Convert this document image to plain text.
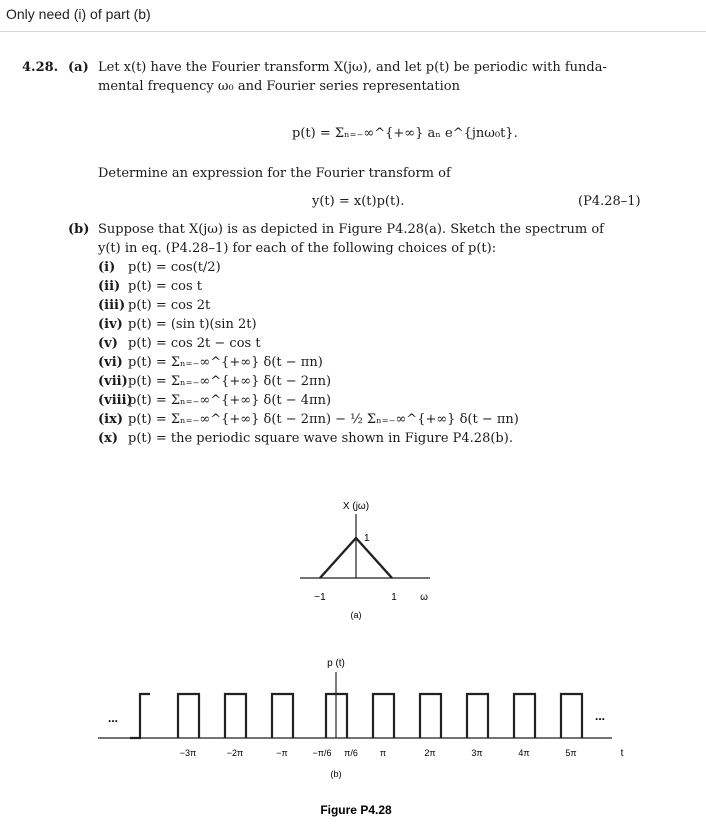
Only need (i) of part (b)
4.28. (a) Let x(t) have the Fourier transform X(jω), and let p(t) be periodic with funda-
mental frequency ω₀ and Fourier series representation
p(t) = Σₙ₌₋∞^{+∞} aₙ e^{jnω₀t}.
Determine an expression for the Fourier transform of
y(t) = x(t)p(t).	(P4.28–1)
(b) Suppose that X(jω) is as depicted in Figure P4.28(a). Sketch the spectrum of
y(t) in eq. (P4.28–1) for each of the following choices of p(t):
(i) p(t) = cos(t/2)
(ii) p(t) = cos t
(iii) p(t) = cos 2t
(iv) p(t) = (sin t)(sin 2t)
(v) p(t) = cos 2t − cos t
(vi) p(t) = Σₙ₌₋∞^{+∞} δ(t − πn)
(vii) p(t) = Σₙ₌₋∞^{+∞} δ(t − 2πn)
(viii)
p(t) = Σₙ₌₋∞^{+∞} δ(t − 4πn)
(ix) p(t) = Σₙ₌₋∞^{+∞} δ(t − 2πn) − ½ Σₙ₌₋∞^{+∞} δ(t − πn)
(x) p(t) = the periodic square wave shown in Figure P4.28(b).
X (jω)
1
−1	1 ω
(a)
p (t)
...	...
−3π	−2π	−π	−π/6 π/6 π	2π	3π	4π	5π	t
(b)
Figure P4.28
